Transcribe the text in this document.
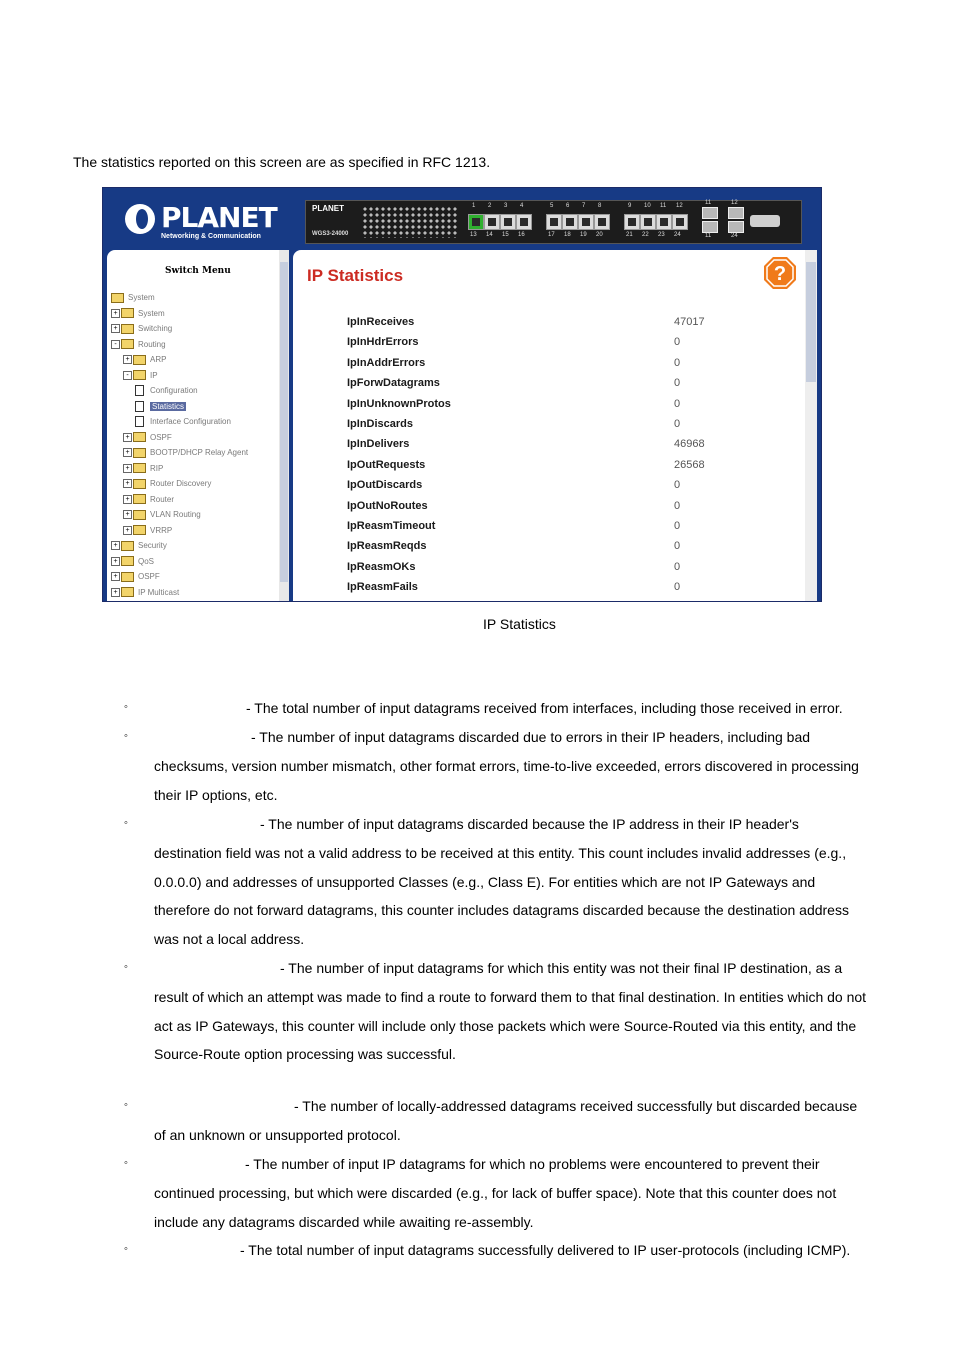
The statistics reported on this screen are as specified in RFC 1213.
PLANET
Networking & Communication
PLANET
WGS3-24000
1
13
2
14
3
15
4
16
5
17
6
18
7
19
8
20
9
21
10
22
11
23
12
24
11
11
12
24
Switch Menu
System
+	System
+	Switching
-	Routing
+	ARP
-	IP
Configuration
Statistics
Interface Configuration
+	OSPF
+	BOOTP/DHCP Relay Agent
+	RIP
+	Router Discovery
+	Router
+	VLAN Routing
+	VRRP
+	Security
+	QoS
+	OSPF
+	IP Multicast
IP Statistics	?
IpInReceives	47017
IpInHdrErrors	0
IpInAddrErrors	0
IpForwDatagrams	0
IpInUnknownProtos	0
IpInDiscards	0
IpInDelivers	46968
IpOutRequests	26568
IpOutDiscards	0
IpOutNoRoutes	0
IpReasmTimeout	0
IpReasmReqds	0
IpReasmOKs	0
IpReasmFails	0
IP Statistics
◦	- The total number of input datagrams received from interfaces, including those received in error.
◦	- The number of input datagrams discarded due to errors in their IP headers, including bad
checksums, version number mismatch, other format errors, time-to-live exceeded, errors discovered in processing
their IP options, etc.
◦	- The number of input datagrams discarded because the IP address in their IP header's
destination field was not a valid address to be received at this entity. This count includes invalid addresses (e.g.,
0.0.0.0) and addresses of unsupported Classes (e.g., Class E). For entities which are not IP Gateways and
therefore do not forward datagrams, this counter includes datagrams discarded because the destination address
was not a local address.
◦	- The number of input datagrams for which this entity was not their final IP destination, as a
result of which an attempt was made to find a route to forward them to that final destination. In entities which do not
act as IP Gateways, this counter will include only those packets which were Source-Routed via this entity, and the
Source-Route option processing was successful.
◦	- The number of locally-addressed datagrams received successfully but discarded because
of an unknown or unsupported protocol.
◦	- The number of input IP datagrams for which no problems were encountered to prevent their
continued processing, but which were discarded (e.g., for lack of buffer space). Note that this counter does not
include any datagrams discarded while awaiting re-assembly.
◦	- The total number of input datagrams successfully delivered to IP user-protocols (including ICMP).
